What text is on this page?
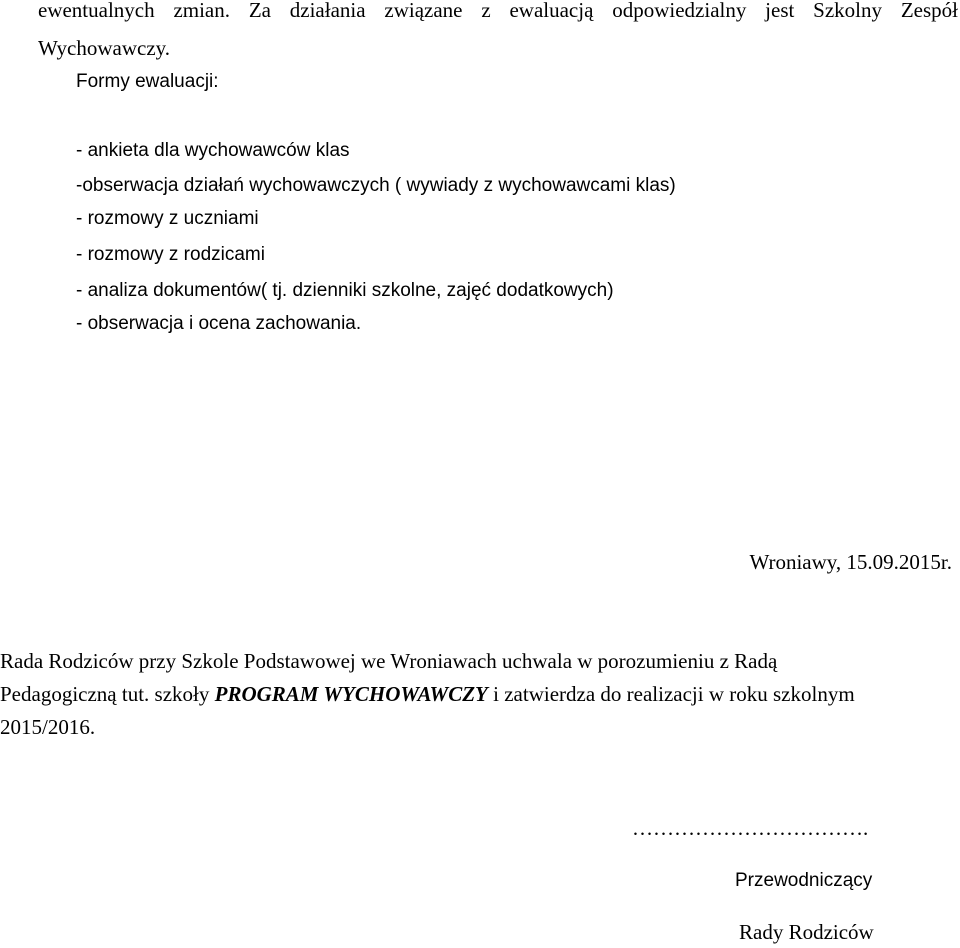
ewentualnych zmian. Za działania związane z ewaluacją odpowiedzialny jest Szkolny Zespół
Wychowawczy.
Formy ewaluacji:
- ankieta dla wychowawców klas
-obserwacja działań wychowawczych ( wywiady z wychowawcami klas)
- rozmowy z uczniami
- rozmowy z rodzicami
- analiza dokumentów( tj. dzienniki szkolne, zajęć dodatkowych)
- obserwacja i ocena zachowania.
Wroniawy, 15.09.2015r.
Rada Rodziców przy Szkole Podstawowej we Wroniawach uchwala w porozumieniu z Radą
Pedagogiczną tut. szkoły PROGRAM WYCHOWAWCZY i zatwierdza do realizacji w roku szkolnym
2015/2016.
…………………………….
Przewodniczący
Rady Rodziców
